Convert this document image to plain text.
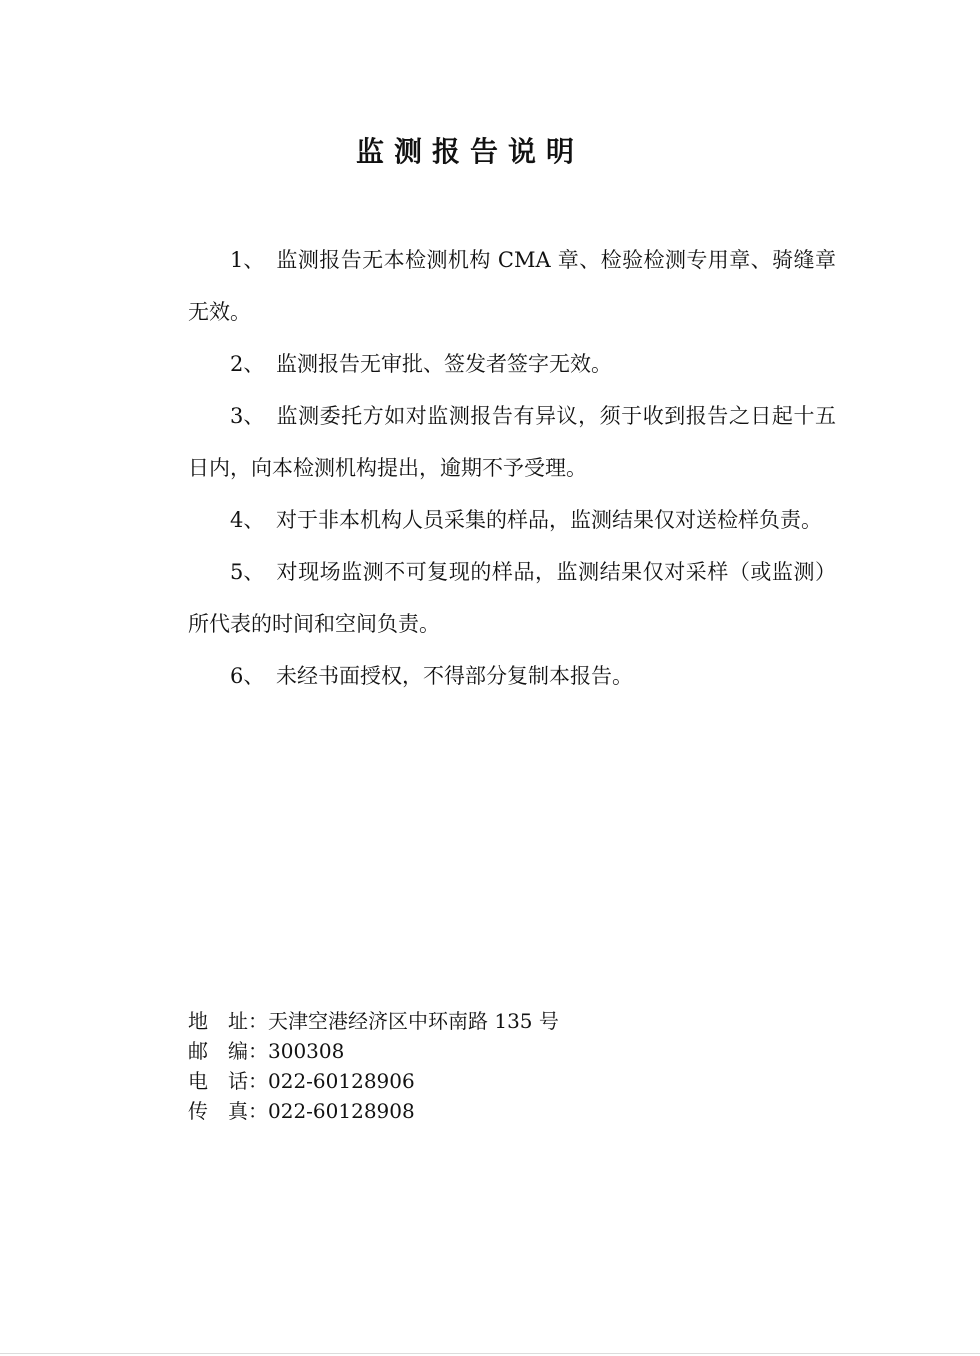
监测报告说明

1、 监测报告无本检测机构 CMA 章、检验检测专用章、骑缝章无效。

2、 监测报告无审批、签发者签字无效。

3、 监测委托方如对监测报告有异议，须于收到报告之日起十五日内，向本检测机构提出，逾期不予受理。

4、 对于非本机构人员采集的样品，监测结果仅对送检样负责。

5、 对现场监测不可复现的样品，监测结果仅对采样（或监测）所代表的时间和空间负责。

6、 未经书面授权，不得部分复制本报告。

地　址：天津空港经济区中环南路 135 号
邮　编：300308
电　话：022-60128906
传　真：022-60128908
